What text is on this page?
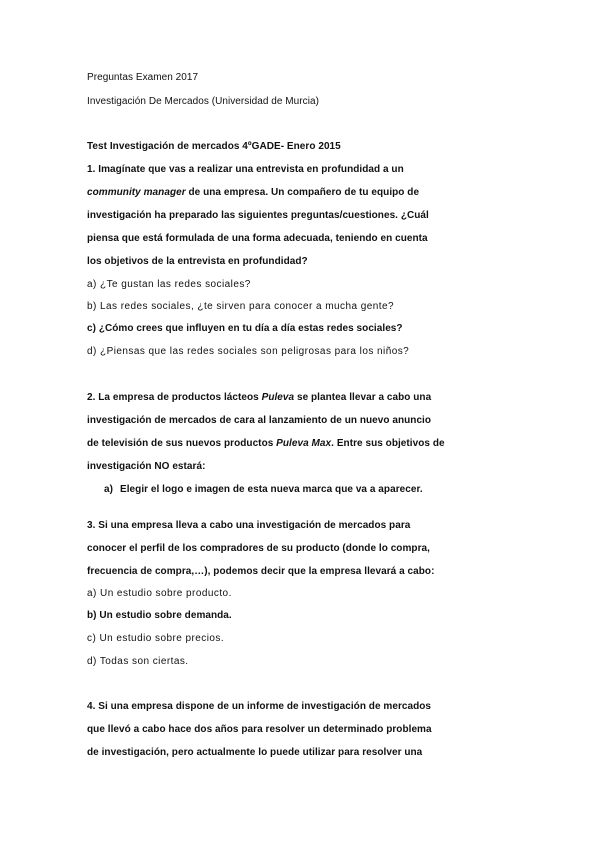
Preguntas Examen 2017
Investigación De Mercados (Universidad de Murcia)
Test Investigación de mercados 4ºGADE- Enero 2015
1. Imagínate que vas a realizar una entrevista en profundidad a un
community manager de una empresa. Un compañero de tu equipo de
investigación ha preparado las siguientes preguntas/cuestiones. ¿Cuál
piensa que está formulada de una forma adecuada, teniendo en cuenta
los objetivos de la entrevista en profundidad?
a) ¿Te gustan las redes sociales?
b) Las redes sociales, ¿te sirven para conocer a mucha gente?
c) ¿Cómo crees que influyen en tu día a día estas redes sociales?
d) ¿Piensas que las redes sociales son peligrosas para los niños?
2. La empresa de productos lácteos Puleva se plantea llevar a cabo una
investigación de mercados de cara al lanzamiento de un nuevo anuncio
de televisión de sus nuevos productos Puleva Max. Entre sus objetivos de
investigación NO estará:
a) Elegir el logo e imagen de esta nueva marca que va a aparecer.
3. Si una empresa lleva a cabo una investigación de mercados para
conocer el perfil de los compradores de su producto (donde lo compra,
frecuencia de compra,…), podemos decir que la empresa llevará a cabo:
a) Un estudio sobre producto.
b) Un estudio sobre demanda.
c) Un estudio sobre precios.
d) Todas son ciertas.
4. Si una empresa dispone de un informe de investigación de mercados
que llevó a cabo hace dos años para resolver un determinado problema
de investigación, pero actualmente lo puede utilizar para resolver una
